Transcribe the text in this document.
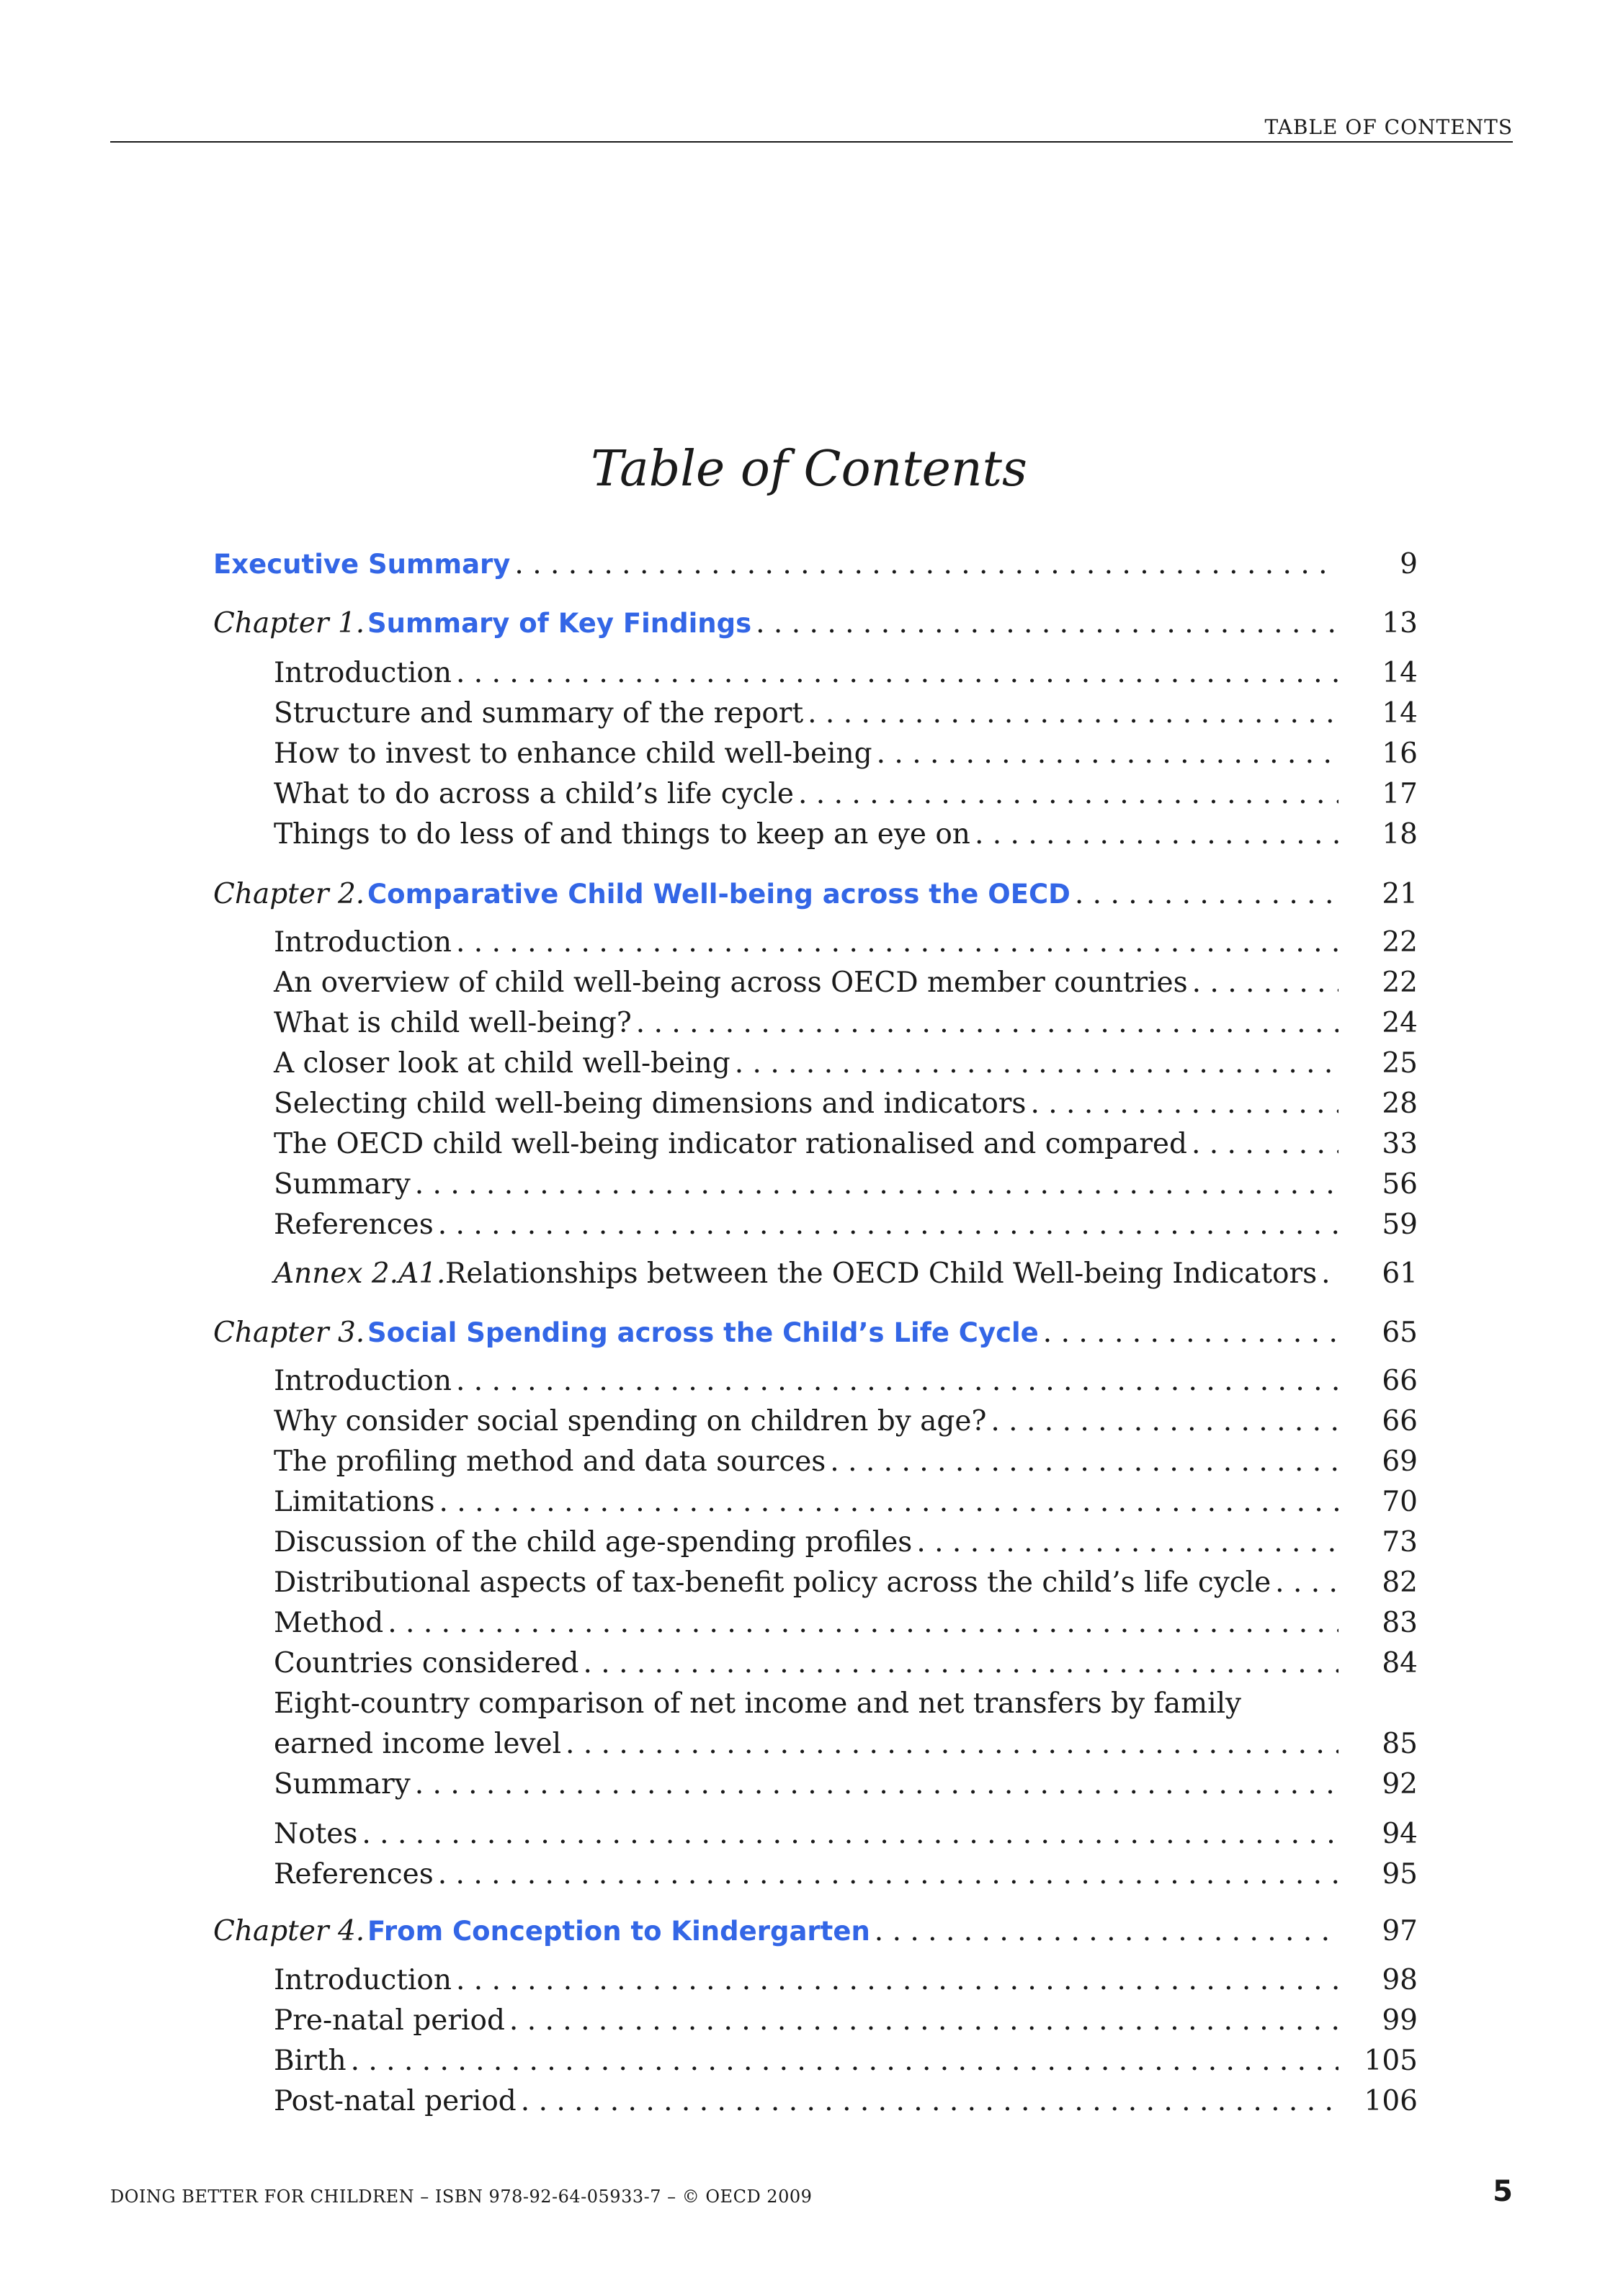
TABLE OF CONTENTS
Table of Contents
Executive Summary . . .	9
Chapter 1. Summary of Key Findings . . .	13
Introduction . . .	14
Structure and summary of the report . . .	14
How to invest to enhance child well-being . . .	16
What to do across a child’s life cycle . . .	17
Things to do less of and things to keep an eye on . . .	18
Chapter 2. Comparative Child Well-being across the OECD . . .	21
Introduction . . .	22
An overview of child well-being across OECD member countries . . .	22
What is child well-being? . . .	24
A closer look at child well-being . . .	25
Selecting child well-being dimensions and indicators . . .	28
The OECD child well-being indicator rationalised and compared . . .	33
Summary . . .	56
References . . .	59
Annex 2.A1. Relationships between the OECD Child Well-being Indicators . . .	61
Chapter 3. Social Spending across the Child’s Life Cycle . . .	65
Introduction . . .	66
Why consider social spending on children by age? . . .	66
The profiling method and data sources . . .	69
Limitations . . .	70
Discussion of the child age-spending profiles . . .	73
Distributional aspects of tax-benefit policy across the child’s life cycle . . .	82
Method . . .	83
Countries considered . . .	84
Eight-country comparison of net income and net transfers by family
earned income level . . .	85
Summary . . .	92
Notes . . .	94
References . . .	95
Chapter 4. From Conception to Kindergarten . . .	97
Introduction . . .	98
Pre-natal period . . .	99
Birth . . .	105
Post-natal period . . .	106
DOING BETTER FOR CHILDREN – ISBN 978-92-64-05933-7 – © OECD 2009	5
